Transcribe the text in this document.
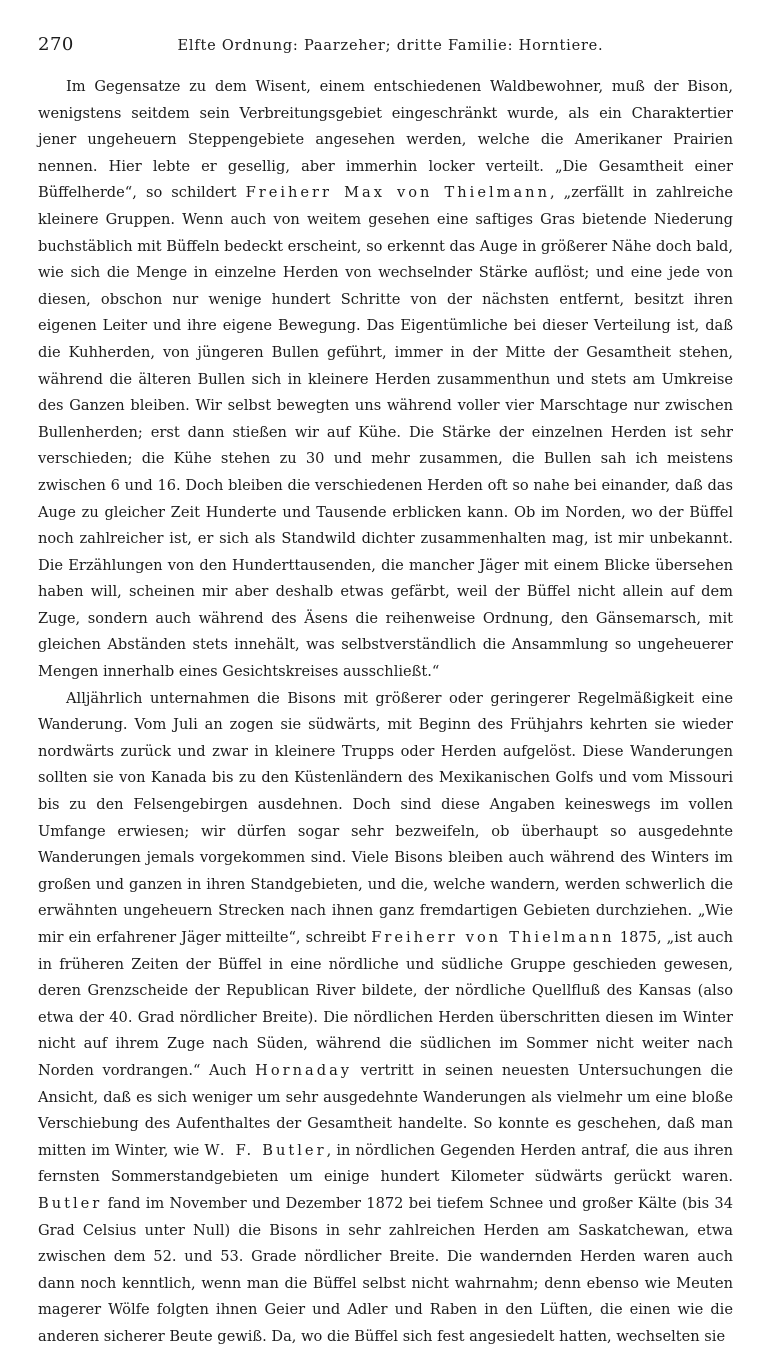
270	Elfte Ordnung: Paarzeher; dritte Familie: Horntiere.

Im Gegensatze zu dem Wisent, einem entschiedenen Waldbewohner, muß der Bison, wenigstens seitdem sein Verbreitungsgebiet eingeschränkt wurde, als ein Charaktertier jener ungeheuern Steppengebiete angesehen werden, welche die Amerikaner Prairien nennen. Hier lebte er gesellig, aber immerhin locker verteilt. „Die Gesamtheit einer Büffelherde“, so schildert Freiherr Max von Thielmann, „zerfällt in zahlreiche kleinere Gruppen. Wenn auch von weitem gesehen eine saftiges Gras bietende Niederung buchstäblich mit Büffeln bedeckt erscheint, so erkennt das Auge in größerer Nähe doch bald, wie sich die Menge in einzelne Herden von wechselnder Stärke auflöst; und eine jede von diesen, obschon nur wenige hundert Schritte von der nächsten entfernt, besitzt ihren eigenen Leiter und ihre eigene Bewegung. Das Eigentümliche bei dieser Verteilung ist, daß die Kuhherden, von jüngeren Bullen geführt, immer in der Mitte der Gesamtheit stehen, während die älteren Bullen sich in kleinere Herden zusammenthun und stets am Umkreise des Ganzen bleiben. Wir selbst bewegten uns während voller vier Marschtage nur zwischen Bullenherden; erst dann stießen wir auf Kühe. Die Stärke der einzelnen Herden ist sehr verschieden; die Kühe stehen zu 30 und mehr zusammen, die Bullen sah ich meistens zwischen 6 und 16. Doch bleiben die verschiedenen Herden oft so nahe bei einander, daß das Auge zu gleicher Zeit Hunderte und Tausende erblicken kann. Ob im Norden, wo der Büffel noch zahlreicher ist, er sich als Standwild dichter zusammenhalten mag, ist mir unbekannt. Die Erzählungen von den Hunderttausenden, die mancher Jäger mit einem Blicke übersehen haben will, scheinen mir aber deshalb etwas gefärbt, weil der Büffel nicht allein auf dem Zuge, sondern auch während des Äsens die reihenweise Ordnung, den Gänsemarsch, mit gleichen Abständen stets innehält, was selbstverständlich die Ansammlung so ungeheuerer Mengen innerhalb eines Gesichtskreises ausschließt.“

Alljährlich unternahmen die Bisons mit größerer oder geringerer Regelmäßigkeit eine Wanderung. Vom Juli an zogen sie südwärts, mit Beginn des Frühjahrs kehrten sie wieder nordwärts zurück und zwar in kleinere Trupps oder Herden aufgelöst. Diese Wanderungen sollten sie von Kanada bis zu den Küstenländern des Mexikanischen Golfs und vom Missouri bis zu den Felsengebirgen ausdehnen. Doch sind diese Angaben keineswegs im vollen Umfange erwiesen; wir dürfen sogar sehr bezweifeln, ob überhaupt so ausgedehnte Wanderungen jemals vorgekommen sind. Viele Bisons bleiben auch während des Winters im großen und ganzen in ihren Standgebieten, und die, welche wandern, werden schwerlich die erwähnten ungeheuern Strecken nach ihnen ganz fremdartigen Gebieten durchziehen. „Wie mir ein erfahrener Jäger mitteilte“, schreibt Freiherr von Thielmann 1875, „ist auch in früheren Zeiten der Büffel in eine nördliche und südliche Gruppe geschieden gewesen, deren Grenzscheide der Republican River bildete, der nördliche Quellfluß des Kansas (also etwa der 40. Grad nördlicher Breite). Die nördlichen Herden überschritten diesen im Winter nicht auf ihrem Zuge nach Süden, während die südlichen im Sommer nicht weiter nach Norden vordrangen.“ Auch Hornaday vertritt in seinen neuesten Untersuchungen die Ansicht, daß es sich weniger um sehr ausgedehnte Wanderungen als vielmehr um eine bloße Verschiebung des Aufenthaltes der Gesamtheit handelte. So konnte es geschehen, daß man mitten im Winter, wie W. F. Butler, in nördlichen Gegenden Herden antraf, die aus ihren fernsten Sommerstandgebieten um einige hundert Kilometer südwärts gerückt waren. Butler fand im November und Dezember 1872 bei tiefem Schnee und großer Kälte (bis 34 Grad Celsius unter Null) die Bisons in sehr zahlreichen Herden am Saskatchewan, etwa zwischen dem 52. und 53. Grade nördlicher Breite. Die wandernden Herden waren auch dann noch kenntlich, wenn man die Büffel selbst nicht wahrnahm; denn ebenso wie Meuten magerer Wölfe folgten ihnen Geier und Adler und Raben in den Lüften, die einen wie die anderen sicherer Beute gewiß. Da, wo die Büffel sich fest angesiedelt hatten, wechselten sie
